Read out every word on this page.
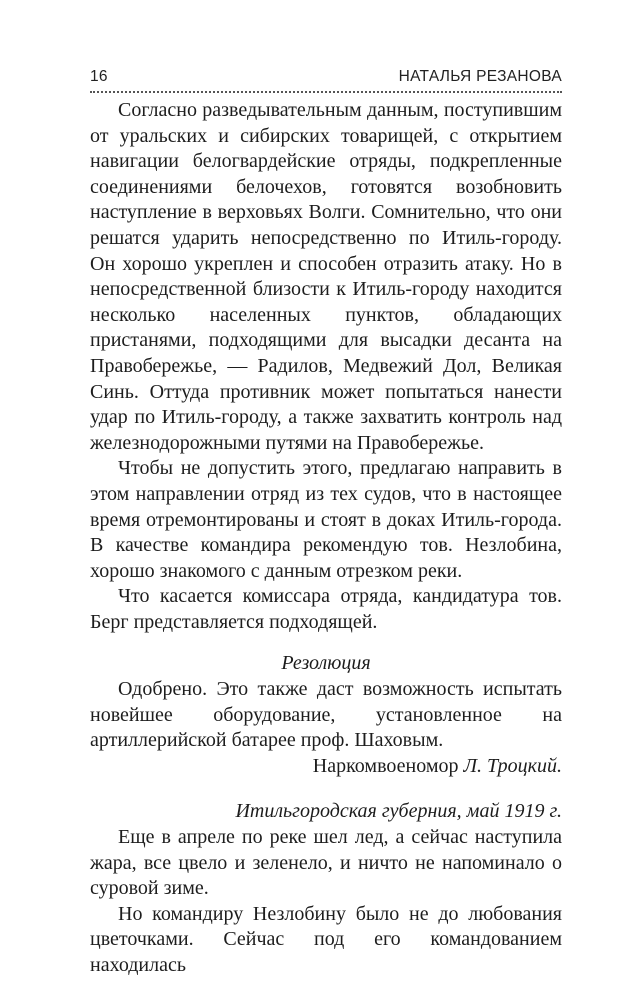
16	НАТАЛЬЯ РЕЗАНОВА

Согласно разведывательным данным, поступившим от уральских и сибирских товарищей, с открытием навигации белогвардейские отряды, подкрепленные соединениями белочехов, готовятся возобновить наступление в верховьях Волги. Сомнительно, что они решатся ударить непосредственно по Итиль-городу. Он хорошо укреплен и способен отразить атаку. Но в непосредственной близости к Итиль-городу находится несколько населенных пунктов, обладающих пристанями, подходящими для высадки десанта на Правобережье, — Радилов, Медвежий Дол, Великая Синь. Оттуда противник может попытаться нанести удар по Итиль-городу, а также захватить контроль над железнодорожными путями на Правобережье.

Чтобы не допустить этого, предлагаю направить в этом направлении отряд из тех судов, что в настоящее время отремонтированы и стоят в доках Итиль-города. В качестве командира рекомендую тов. Незлобина, хорошо знакомого с данным отрезком реки.

Что касается комиссара отряда, кандидатура тов. Берг представляется подходящей.

Резолюция

Одобрено. Это также даст возможность испытать новейшее оборудование, установленное на артиллерийской батарее проф. Шаховым.

Наркомвоеномор Л. Троцкий.

Итильгородская губерния, май 1919 г.

Еще в апреле по реке шел лед, а сейчас наступила жара, все цвело и зеленело, и ничто не напоминало о суровой зиме.

Но командиру Незлобину было не до любования цветочками. Сейчас под его командованием находилась
